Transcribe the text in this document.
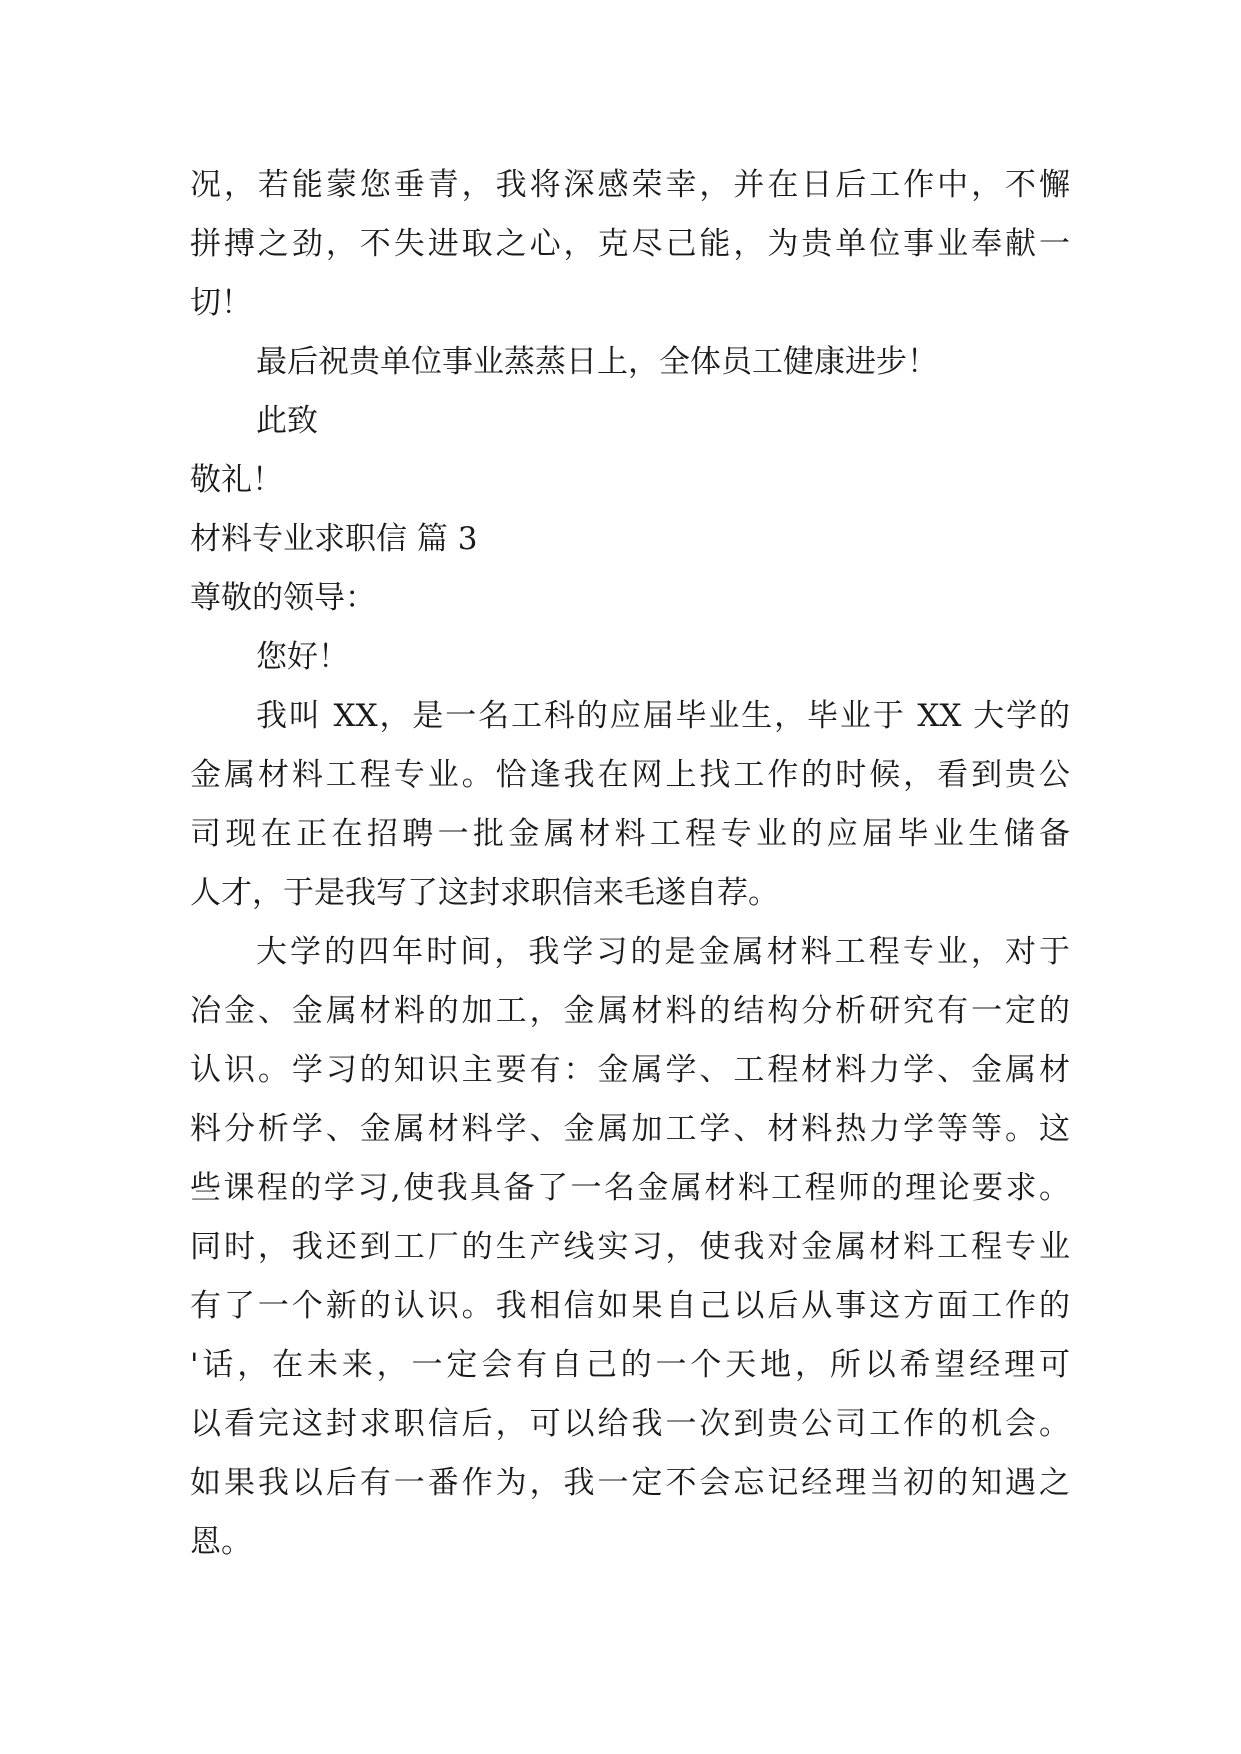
况，若能蒙您垂青，我将深感荣幸，并在日后工作中，不懈
拼搏之劲，不失进取之心，克尽己能，为贵单位事业奉献一
切！
最后祝贵单位事业蒸蒸日上，全体员工健康进步！
此致
敬礼！
材料专业求职信 篇 3
尊敬的领导：
您好！
我叫 XX，是一名工科的应届毕业生，毕业于 XX 大学的
金属材料工程专业。恰逢我在网上找工作的时候，看到贵公
司现在正在招聘一批金属材料工程专业的应届毕业生储备
人才，于是我写了这封求职信来毛遂自荐。
大学的四年时间，我学习的是金属材料工程专业，对于
冶金、金属材料的加工，金属材料的结构分析研究有一定的
认识。学习的知识主要有：金属学、工程材料力学、金属材
料分析学、金属材料学、金属加工学、材料热力学等等。这
些课程的学习,使我具备了一名金属材料工程师的理论要求。
同时，我还到工厂的生产线实习，使我对金属材料工程专业
有了一个新的认识。我相信如果自己以后从事这方面工作的
'话，在未来，一定会有自己的一个天地，所以希望经理可
以看完这封求职信后，可以给我一次到贵公司工作的机会。
如果我以后有一番作为，我一定不会忘记经理当初的知遇之
恩。
